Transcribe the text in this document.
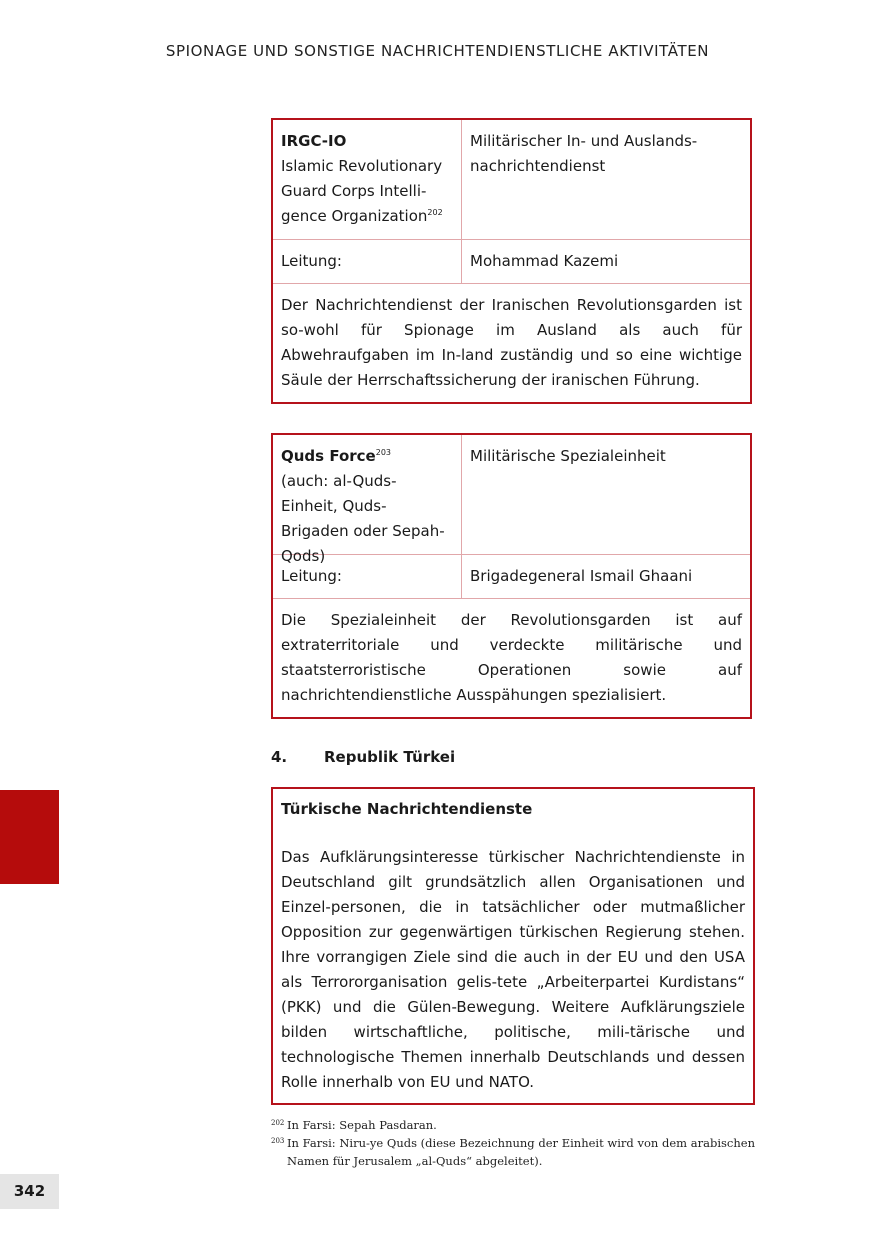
SPIONAGE UND SONSTIGE NACHRICHTENDIENSTLICHE AKTIVITÄTEN
IRGC-IO
Islamic Revolutionary Guard Corps Intelli-gence Organization$^{202}$
Militärischer In- und Auslands-nachrichtendienst
Leitung:	Mohammad Kazemi
Der Nachrichtendienst der Iranischen Revolutionsgarden ist so-wohl für Spionage im Ausland als auch für Abwehraufgaben im In-land zuständig und so eine wichtige Säule der Herrschaftssicherung der iranischen Führung.
Quds Force$^{203}$
(auch: al-Quds-Einheit, Quds-Brigaden oder Sepah-Qods)
Militärische Spezialeinheit
Leitung:	Brigadegeneral Ismail Ghaani
Die Spezialeinheit der Revolutionsgarden ist auf extraterritoriale und verdeckte militärische und staatsterroristische Operationen sowie auf nachrichtendienstliche Ausspähungen spezialisiert.
4. Republik Türkei

Türkische Nachrichtendienste

Das Aufklärungsinteresse türkischer Nachrichtendienste in Deutschland gilt grundsätzlich allen Organisationen und Einzel-personen, die in tatsächlicher oder mutmaßlicher Opposition zur gegenwärtigen türkischen Regierung stehen. Ihre vorrangigen Ziele sind die auch in der EU und den USA als Terrororganisation gelis-tete „Arbeiterpartei Kurdistans“ (PKK) und die Gülen-Bewegung. Weitere Aufklärungsziele bilden wirtschaftliche, politische, mili-tärische und technologische Themen innerhalb Deutschlands und dessen Rolle innerhalb von EU und NATO.

202 In Farsi: Sepah Pasdaran.
203 In Farsi: Niru-ye Quds (diese Bezeichnung der Einheit wird von dem arabischen Namen für Jerusalem „al-Quds“ abgeleitet).
342
